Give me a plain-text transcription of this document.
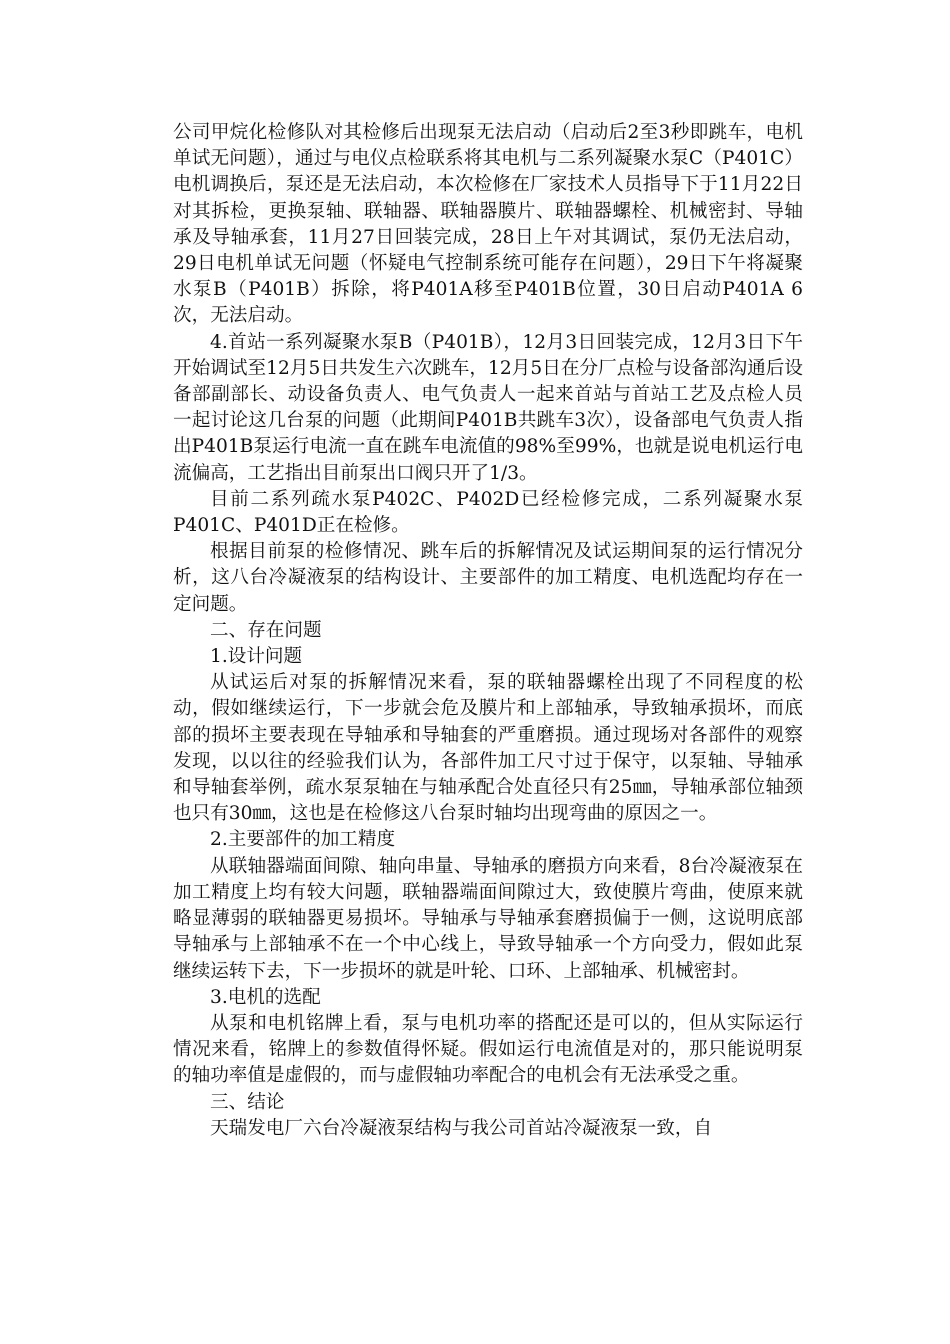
公司甲烷化检修队对其检修后出现泵无法启动（启动后2至3秒即跳车，电机单试无问题），通过与电仪点检联系将其电机与二系列凝聚水泵C（P401C）电机调换后，泵还是无法启动，本次检修在厂家技术人员指导下于11月22日对其拆检，更换泵轴、联轴器、联轴器膜片、联轴器螺栓、机械密封、导轴承及导轴承套，11月27日回装完成，28日上午对其调试，泵仍无法启动，29日电机单试无问题（怀疑电气控制系统可能存在问题），29日下午将凝聚水泵B（P401B）拆除，将P401A移至P401B位置，30日启动P401A 6次，无法启动。

4.首站一系列凝聚水泵B（P401B），12月3日回装完成，12月3日下午开始调试至12月5日共发生六次跳车，12月5日在分厂点检与设备部沟通后设备部副部长、动设备负责人、电气负责人一起来首站与首站工艺及点检人员一起讨论这几台泵的问题（此期间P401B共跳车3次），设备部电气负责人指出P401B泵运行电流一直在跳车电流值的98%至99%，也就是说电机运行电流偏高，工艺指出目前泵出口阀只开了1/3。

目前二系列疏水泵P402C、P402D已经检修完成，二系列凝聚水泵P401C、P401D正在检修。

根据目前泵的检修情况、跳车后的拆解情况及试运期间泵的运行情况分析，这八台冷凝液泵的结构设计、主要部件的加工精度、电机选配均存在一定问题。

二、存在问题

1.设计问题

从试运后对泵的拆解情况来看，泵的联轴器螺栓出现了不同程度的松动，假如继续运行，下一步就会危及膜片和上部轴承，导致轴承损坏，而底部的损坏主要表现在导轴承和导轴套的严重磨损。通过现场对各部件的观察发现，以以往的经验我们认为，各部件加工尺寸过于保守，以泵轴、导轴承和导轴套举例，疏水泵泵轴在与轴承配合处直径只有25㎜，导轴承部位轴颈也只有30㎜，这也是在检修这八台泵时轴均出现弯曲的原因之一。

2.主要部件的加工精度

从联轴器端面间隙、轴向串量、导轴承的磨损方向来看，8台冷凝液泵在加工精度上均有较大问题，联轴器端面间隙过大，致使膜片弯曲，使原来就略显薄弱的联轴器更易损坏。导轴承与导轴承套磨损偏于一侧，这说明底部导轴承与上部轴承不在一个中心线上，导致导轴承一个方向受力，假如此泵继续运转下去，下一步损坏的就是叶轮、口环、上部轴承、机械密封。

3.电机的选配

从泵和电机铭牌上看，泵与电机功率的搭配还是可以的，但从实际运行情况来看，铭牌上的参数值得怀疑。假如运行电流值是对的，那只能说明泵的轴功率值是虚假的，而与虚假轴功率配合的电机会有无法承受之重。

三、结论

天瑞发电厂六台冷凝液泵结构与我公司首站冷凝液泵一致，自
